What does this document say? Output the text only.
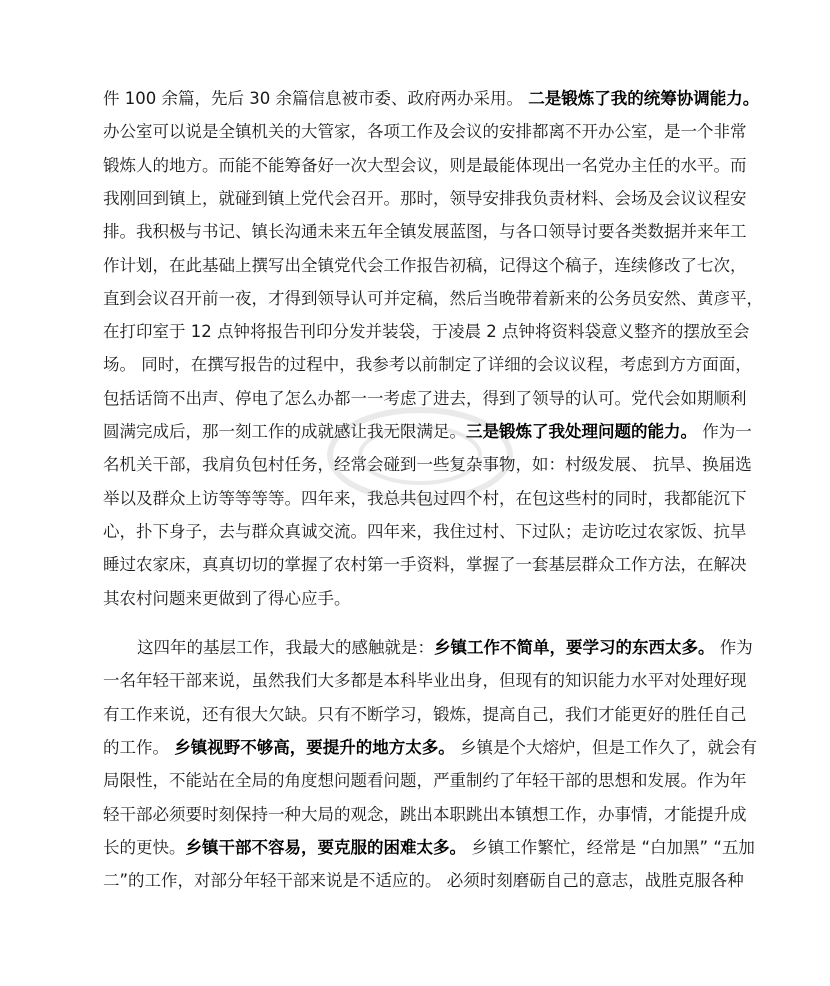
件 100 余篇，先后 30 余篇信息被市委、政府两办采用。 二是锻炼了我的统筹协调能力。
办公室可以说是全镇机关的大管家，各项工作及会议的安排都离不开办公室，是一个非常
锻炼人的地方。而能不能筹备好一次大型会议，则是最能体现出一名党办主任的水平。而
我刚回到镇上，就碰到镇上党代会召开。那时，领导安排我负责材料、会场及会议议程安
排。我积极与书记、镇长沟通未来五年全镇发展蓝图，与各口领导讨要各类数据并来年工
作计划，在此基础上撰写出全镇党代会工作报告初稿，记得这个稿子，连续修改了七次，
直到会议召开前一夜，才得到领导认可并定稿，然后当晚带着新来的公务员安然、黄彦平，
在打印室于 12 点钟将报告刊印分发并装袋，于凌晨 2 点钟将资料袋意义整齐的摆放至会
场。 同时，在撰写报告的过程中，我参考以前制定了详细的会议议程，考虑到方方面面，
包括话筒不出声、停电了怎么办都一一考虑了进去，得到了领导的认可。党代会如期顺利
圆满完成后，那一刻工作的成就感让我无限满足。三是锻炼了我处理问题的能力。 作为一
名机关干部，我肩负包村任务，经常会碰到一些复杂事物，如：村级发展、 抗旱、换届选
举以及群众上访等等等等。四年来，我总共包过四个村，在包这些村的同时，我都能沉下
心，扑下身子，去与群众真诚交流。四年来，我住过村、下过队；走访吃过农家饭、抗旱
睡过农家床，真真切切的掌握了农村第一手资料，掌握了一套基层群众工作方法，在解决
其农村问题来更做到了得心应手。
这四年的基层工作，我最大的感触就是：乡镇工作不简单，要学习的东西太多。 作为
一名年轻干部来说，虽然我们大多都是本科毕业出身，但现有的知识能力水平对处理好现
有工作来说，还有很大欠缺。只有不断学习，锻炼，提高自己，我们才能更好的胜任自己
的工作。 乡镇视野不够高，要提升的地方太多。 乡镇是个大熔炉，但是工作久了，就会有
局限性，不能站在全局的角度想问题看问题，严重制约了年轻干部的思想和发展。作为年
轻干部必须要时刻保持一种大局的观念，跳出本职跳出本镇想工作，办事情，才能提升成
长的更快。乡镇干部不容易，要克服的困难太多。 乡镇工作繁忙，经常是 “白加黑” “五加
二”的工作，对部分年轻干部来说是不适应的。 必须时刻磨砺自己的意志，战胜克服各种
